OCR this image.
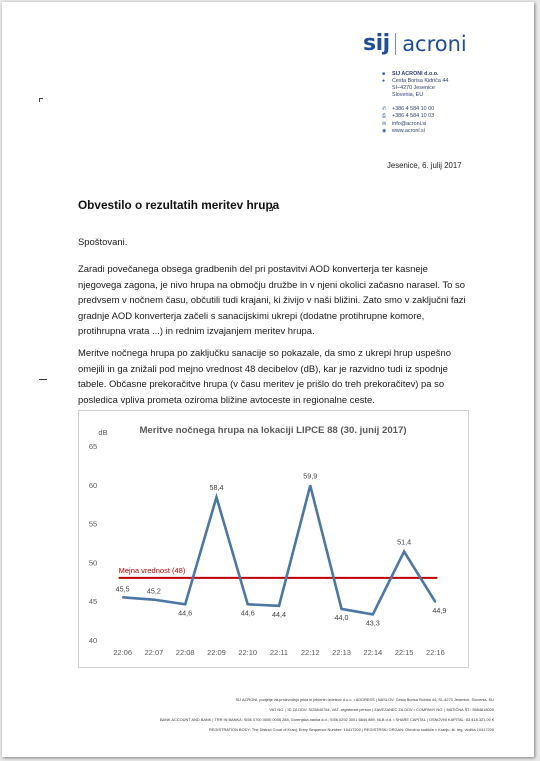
sij acroni
■	SIJ ACRONI d.o.o.
●	Cesta Borisa Kidriča 44
SI–4270 Jesenice
Slovenia, EU
✆	+386 4 584 10 00
⎙	+386 4 584 10 03
✉	info@acroni.si
◉	www.acroni.si
Jesenice, 6. julij 2017
Obvestilo o rezultatih meritev hrupa
Spoštovani.
Zaradi povečanega obsega gradbenih del pri postavitvi AOD konverterja ter kasneje njegovega zagona, je nivo hrupa na območju družbe in v njeni okolici začasno narasel. To so predvsem v nočnem času, občutili tudi krajani, ki živijo v naši bližini. Zato smo v zaključni fazi gradnje AOD konverterja začeli s sanacijskimi ukrepi (dodatne protihrupne komore, protihrupna vrata ...) in rednim izvajanjem meritev hrupa.
Meritve nočnega hrupa po zaključku sanacije so pokazale, da smo z ukrepi hrup uspešno omejili in ga znižali pod mejno vrednost 48 decibelov (dB), kar je razvidno tudi iz spodnje tabele. Občasne prekoračitve hrupa (v času meritev je prišlo do treh prekoračitev) pa so posledica vpliva prometa oziroma bližine avtoceste in regionalne ceste.
Meritve nočnega hrupa na lokaciji LIPCE 88 (30. junij 2017)
dB
65
60
55
50
45
40
22:06 22:07 22:08 22:09 22:10 22:11 22:12 22:13 22:14 22:15 22:16
Mejna vrednost (48)
45,5 45,2
44,6
58,4
44,6 44,4
59,9
44,0
43,3
51,4
44,9
SIJ ACRONI, podjetje za proizvodnjo jekla in jeklenih izdelkov d.o.o. • ADDRESS | NASLOV: Cesta Borisa Kidriča 44, SI–4270 Jesenice, Slovenia, EU
VAT NO. | ID ZA DDV: SI25840754, VAT–registered person | ZAVEZANEC ZA DDV • COMPANY NO. | MATIČNA ŠT.: 5684818000
BANK ACCOUNT AND BANK | TRR IN BANKA: SI56 0700 0000 0005 288, Gorenjska banka d.d.; SI56 0292 3001 6844 889, NLB d.d. • SHARE CAPITAL | OSNOVNI KAPITAL: 83.418.321,00 €
REGISTRATION BODY: The District Court of Kranj, Entry Sequence Number: 10417200 | REGISTRSKI ORGAN: Okrožno sodišče v Kranju, št. reg. vložka 10417200
